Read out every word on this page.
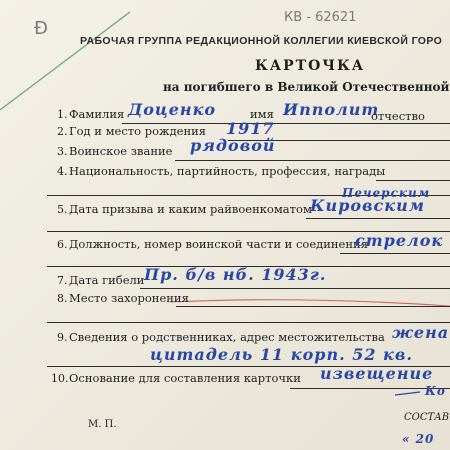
Ð
КВ - 62621
РАБОЧАЯ ГРУППА РЕДАКЦИОННОЙ КОЛЛЕГИИ КИЕВСКОЙ ГОРО
КАРТОЧКА
на погибшего в Великой Отечественной
1. Фамилия Доценко	имя Ипполит
отчество
2. Год и место рождения 1917
3. Воинское звание рядовой
4. Национальность, партийность, профессия, награды
5. Дата призыва и каким райвоенкоматом
Печерским
Кировским
6. Должность, номер воинской части и соединения
стрелок
7. Дата гибели Пр. б/в нб. 1943г.
8. Место захоронения
9. Сведения о родственниках, адрес местожительства жена
цитадель 11 корп. 52 кв.
10. Основание для составления карточки извещение
Ко
М. П.
СОСТАВ
« 20
